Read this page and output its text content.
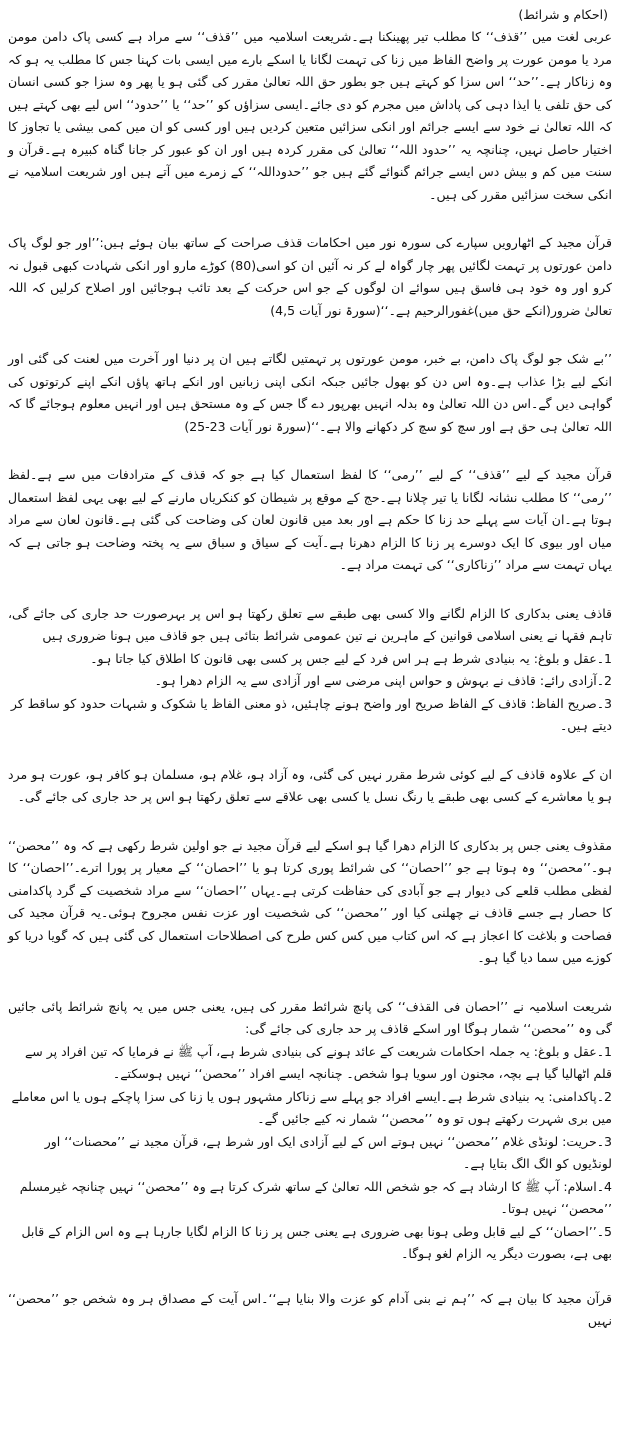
(احکام و شرائط)

عربی لغت میں ’’قذف‘‘ کا مطلب تیر پھینکنا ہے۔شریعت اسلامیہ میں ’’قذف‘‘ سے مراد ہے کسی پاک دامن مومن مرد یا مومن عورت پر واضح الفاظ میں زنا کی تہمت لگانا یا اسکے بارے میں ایسی بات کہنا جس کا مطلب یہ ہو کہ وہ زناکار ہے۔’’حد‘‘ اس سزا کو کہتے ہیں جو بطور حق اللہ تعالیٰ مقرر کی گئی ہو یا پھر وہ سزا جو کسی انسان کی حق تلفی یا ایذا دہی کی پاداش میں مجرم کو دی جائے۔ایسی سزاؤں کو ’’حد‘‘ یا ’’حدود‘‘ اس لیے بھی کہتے ہیں کہ اللہ تعالیٰ نے خود سے ایسے جرائم اور انکی سزائیں متعین کردیں ہیں اور کسی کو ان میں کمی بیشی یا تجاوز کا اختیار حاصل نہیں، چنانچہ یہ ’’حدود اللہ‘‘ تعالیٰ کی مقرر کردہ ہیں اور ان کو عبور کر جانا گناہ کبیرہ ہے۔قرآن و سنت میں کم و بیش دس ایسے جرائم گنوائے گئے ہیں جو ’’حدوداللہ‘‘ کے زمرے میں آتے ہیں اور شریعت اسلامیہ نے انکی سخت سزائیں مقرر کی ہیں۔

قرآن مجید کے اٹھارویں سپارے کی سورہ نور میں احکامات قذف صراحت کے ساتھ بیان ہوئے ہیں:’’اور جو لوگ پاک دامن عورتوں پر تہمت لگائیں پھر چار گواہ لے کر نہ آئیں ان کو اسی(80) کوڑے مارو اور انکی شہادت کبھی قبول نہ کرو اور وہ خود ہی فاسق ہیں سوائے ان لوگوں کے جو اس حرکت کے بعد تائب ہوجائیں اور اصلاح کرلیں کہ اللہ تعالیٰ ضرور(انکے حق میں)غفورالرحیم ہے۔‘‘(سورۃ نور آیات 4,5)

’’بے شک جو لوگ پاک دامن، بے خبر، مومن عورتوں پر تہمتیں لگاتے ہیں ان پر دنیا اور آخرت میں لعنت کی گئی اور انکے لیے بڑا عذاب ہے۔وہ اس دن کو بھول جائیں جبکہ انکی اپنی زبانیں اور انکے ہاتھ پاؤں انکے اپنے کرتوتوں کی گواہی دیں گے۔اس دن اللہ تعالیٰ وہ بدلہ انہیں بھرپور دے گا جس کے وہ مستحق ہیں اور انہیں معلوم ہوجائے گا کہ اللہ تعالیٰ ہی حق ہے اور سچ کو سچ کر دکھانے والا ہے۔‘‘(سورۃ نور آیات 23-25)

قرآن مجید کے لیے ’’قذف‘‘ کے لیے ’’رمی‘‘ کا لفظ استعمال کیا ہے جو کہ قذف کے مترادفات میں سے ہے۔لفظ ’’رمی‘‘ کا مطلب نشانہ لگانا یا تیر چلانا ہے۔حج کے موقع پر شیطان کو کنکریاں مارنے کے لیے بھی یہی لفظ استعمال ہوتا ہے۔ان آیات سے پہلے حد زنا کا حکم ہے اور بعد میں قانون لعان کی وضاحت کی گئی ہے۔قانون لعان سے مراد میاں اور بیوی کا ایک دوسرے پر زنا کا الزام دھرنا ہے۔آیت کے سیاق و سباق سے یہ پختہ وضاحت ہو جاتی ہے کہ یہاں تہمت سے مراد ’’زناکاری‘‘ کی تہمت مراد ہے۔

قاذف یعنی بدکاری کا الزام لگانے والا کسی بھی طبقے سے تعلق رکھتا ہو اس پر بہرصورت حد جاری کی جائے گی، تاہم فقہا نے یعنی اسلامی قوانین کے ماہرین نے تین عمومی شرائط بتائی ہیں جو قاذف میں ہونا ضروری ہیں

1۔عقل و بلوغ: یہ بنیادی شرط ہے ہر اس فرد کے لیے جس پر کسی بھی قانون کا اطلاق کیا جاتا ہو۔

2۔آزادی رائے: قاذف نے بہوش و حواس اپنی مرضی سے اور آزادی سے یہ الزام دھرا ہو۔

3۔صریح الفاظ: قاذف کے الفاظ صریح اور واضح ہونے چاہئیں، ذو معنی الفاظ یا شکوک و شبہات حدود کو ساقط کر دیتے ہیں۔

ان کے علاوہ قاذف کے لیے کوئی شرط مقرر نہیں کی گئی، وہ آزاد ہو، غلام ہو، مسلمان ہو کافر ہو، عورت ہو مرد ہو یا معاشرے کے کسی بھی طبقے یا رنگ نسل یا کسی بھی علاقے سے تعلق رکھتا ہو اس پر حد جاری کی جائے گی۔

مقذوف یعنی جس پر بدکاری کا الزام دھرا گیا ہو اسکے لیے قرآن مجید نے جو اولین شرط رکھی ہے کہ وہ ’’محصن‘‘ ہو۔’’محصن‘‘ وہ ہوتا ہے جو ’’احصان‘‘ کی شرائط پوری کرتا ہو یا ’’احصان‘‘ کے معیار پر پورا اترے۔’’احصان‘‘ کا لفظی مطلب قلعے کی دیوار ہے جو آبادی کی حفاظت کرتی ہے۔یہاں ’’احصان‘‘ سے مراد شخصیت کے گرد پاکدامنی کا حصار ہے جسے قاذف نے چھلنی کیا اور ’’محصن‘‘ کی شخصیت اور عزت نفس مجروح ہوئی۔یہ قرآن مجید کی فصاحت و بلاغت کا اعجاز ہے کہ اس کتاب میں کس کس طرح کی اصطلاحات استعمال کی گئی ہیں کہ گویا دریا کو کوزے میں سما دیا گیا ہو۔

شریعت اسلامیہ نے ’’احصان فی القذف‘‘ کی پانچ شرائط مقرر کی ہیں، یعنی جس میں یہ پانچ شرائط پائی جائیں گی وہ ’’محصن‘‘ شمار ہوگا اور اسکے قاذف پر حد جاری کی جائے گی:

1۔عقل و بلوغ: یہ جملہ احکامات شریعت کے عائد ہونے کی بنیادی شرط ہے، آپ ﷺ نے فرمایا کہ تین افراد پر سے قلم اٹھالیا گیا ہے بچہ، مجنون اور سویا ہوا شخص۔ چنانچہ ایسے افراد ’’محصن‘‘ نہیں ہوسکتے۔

2۔پاکدامنی: یہ بنیادی شرط ہے۔ایسے افراد جو پہلے سے زناکار مشہور ہوں یا زنا کی سزا پاچکے ہوں یا اس معاملے میں بری شہرت رکھتے ہوں تو وہ ’’محصن‘‘ شمار نہ کیے جائیں گے۔

3۔حریت: لونڈی غلام ’’محصن‘‘ نہیں ہوتے اس کے لیے آزادی ایک اور شرط ہے، قرآن مجید نے ’’محصنات‘‘ اور لونڈیوں کو الگ الگ بتایا ہے۔

4۔اسلام: آپ ﷺ کا ارشاد ہے کہ جو شخص اللہ تعالیٰ کے ساتھ شرک کرتا ہے وہ ’’محصن‘‘ نہیں چنانچہ غیرمسلم ’’محصن‘‘ نہیں ہوتا۔

5۔’’احصان‘‘ کے لیے قابل وطی ہونا بھی ضروری ہے یعنی جس پر زنا کا الزام لگایا جارہا ہے وہ اس الزام کے قابل بھی ہے، بصورت دیگر یہ الزام لغو ہوگا۔

قرآن مجید کا بیان ہے کہ ’’ہم نے بنی آدام کو عزت والا بنایا ہے‘‘۔اس آیت کے مصداق ہر وہ شخص جو ’’محصن‘‘ نہیں
